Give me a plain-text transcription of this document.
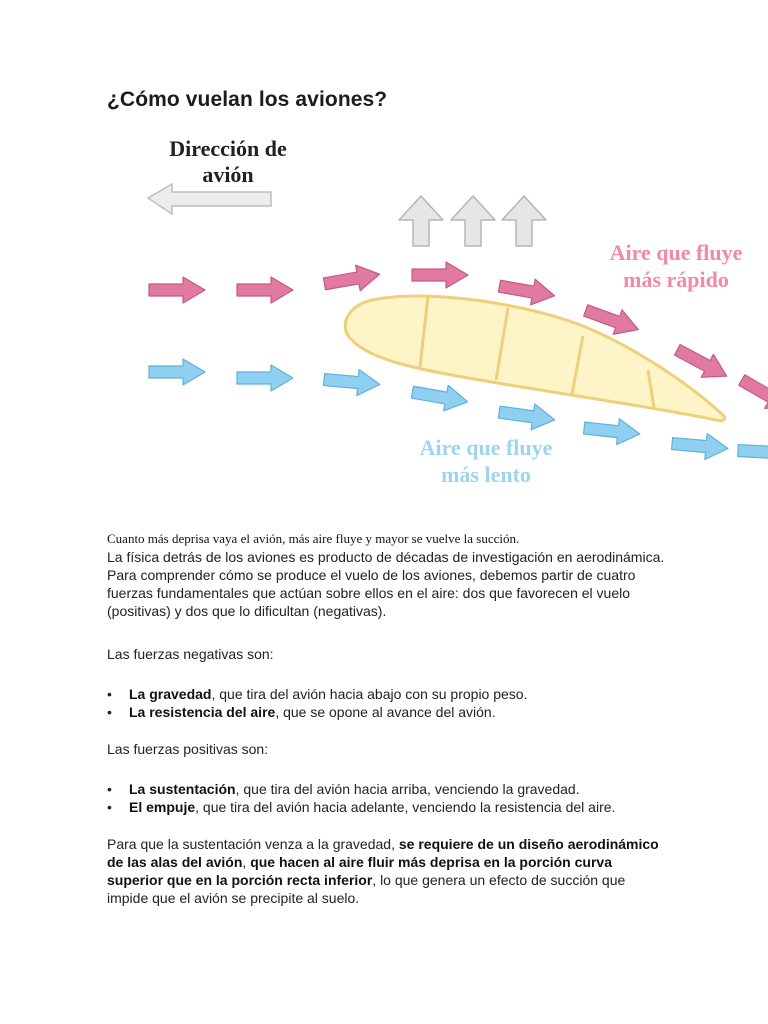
¿Cómo vuelan los aviones?
Dirección de
avión
Aire que fluye
más rápido
Aire que fluye
más lento

Cuanto más deprisa vaya el avión, más aire fluye y mayor se vuelve la succión.

La física detrás de los aviones es producto de décadas de investigación en aerodinámica. Para comprender cómo se produce el vuelo de los aviones, debemos partir de cuatro fuerzas fundamentales que actúan sobre ellos en el aire: dos que favorecen el vuelo (positivas) y dos que lo dificultan (negativas).

Las fuerzas negativas son:

• La gravedad, que tira del avión hacia abajo con su propio peso.
• La resistencia del aire, que se opone al avance del avión.

Las fuerzas positivas son:

• La sustentación, que tira del avión hacia arriba, venciendo la gravedad.
• El empuje, que tira del avión hacia adelante, venciendo la resistencia del aire.

Para que la sustentación venza a la gravedad, se requiere de un diseño aerodinámico de las alas del avión, que hacen al aire fluir más deprisa en la porción curva superior que en la porción recta inferior, lo que genera un efecto de succión que impide que el avión se precipite al suelo.
